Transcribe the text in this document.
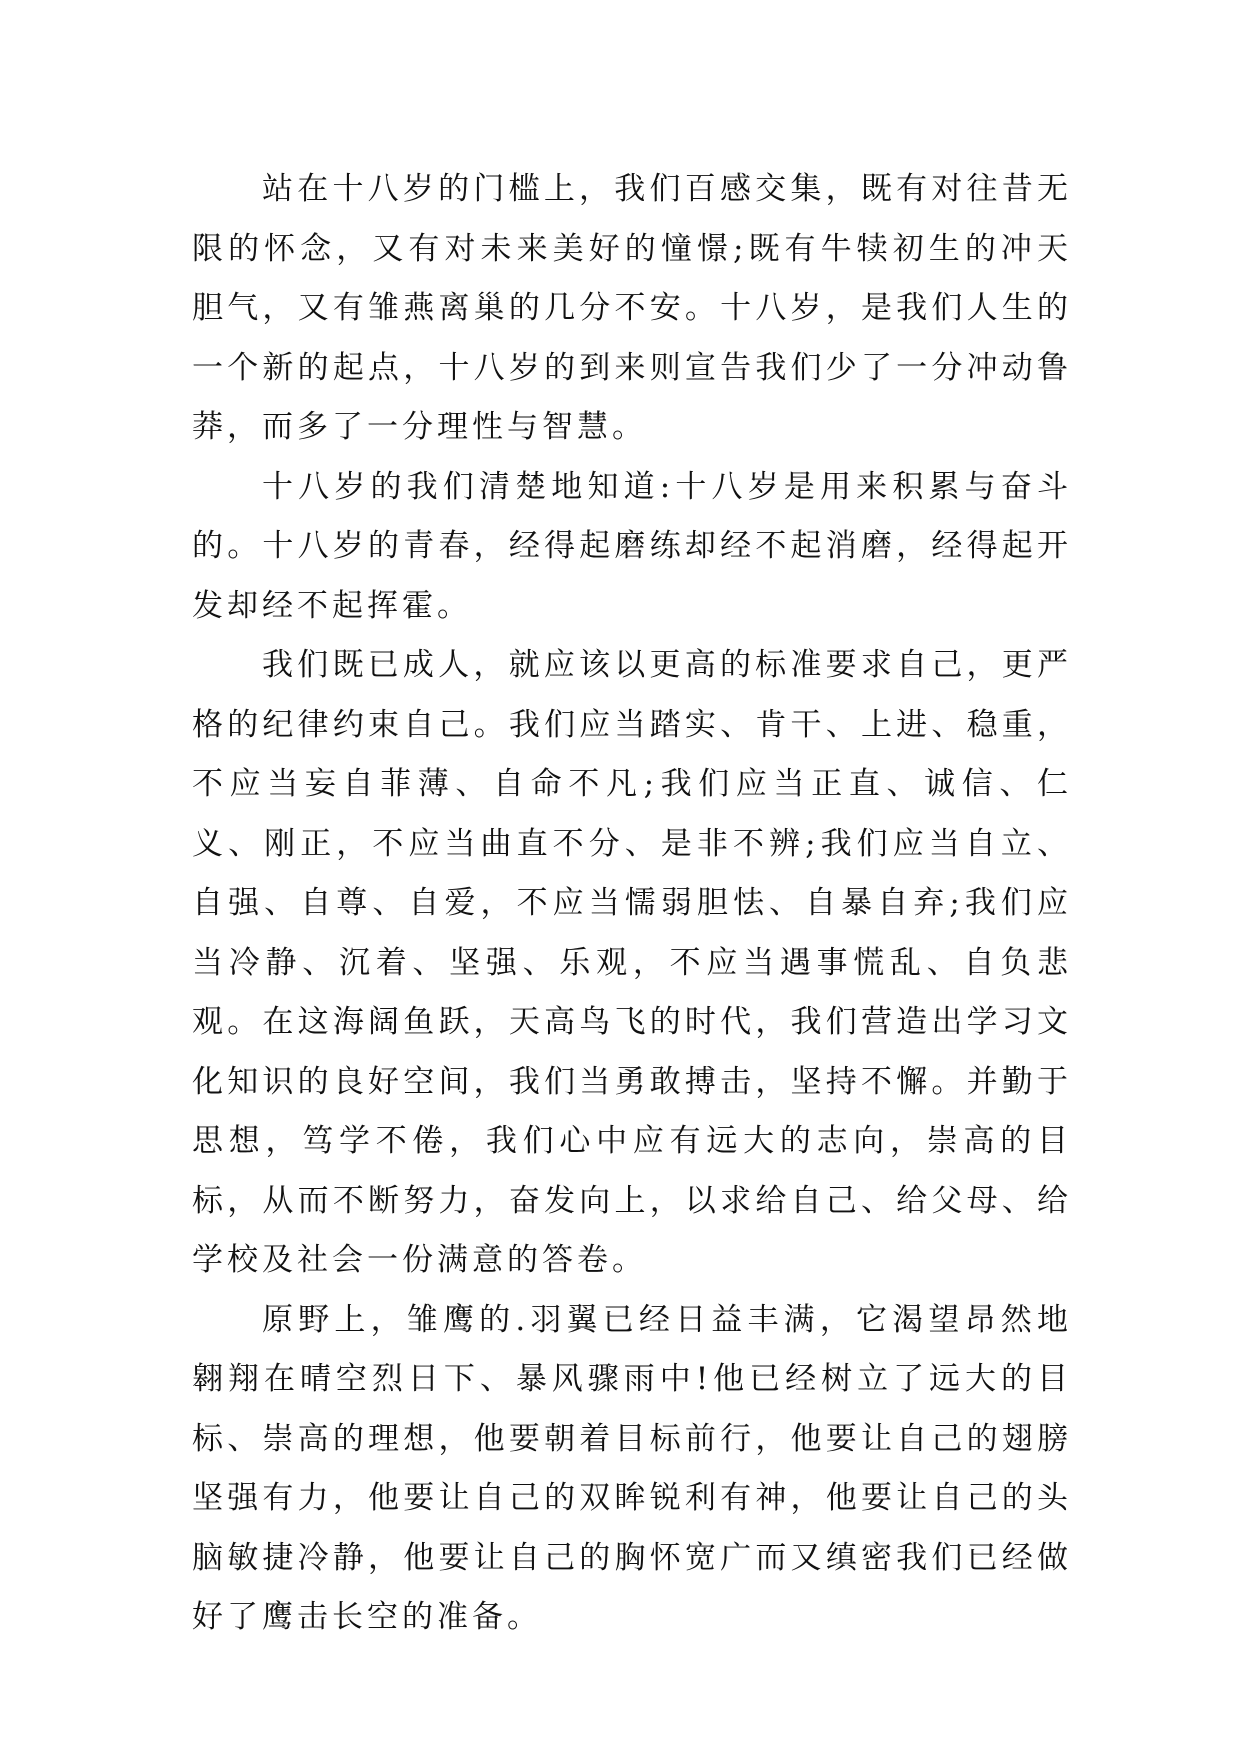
站在十八岁的门槛上，我们百感交集，既有对往昔无限的怀念，又有对未来美好的憧憬;既有牛犊初生的冲天胆气，又有雏燕离巢的几分不安。十八岁，是我们人生的一个新的起点，十八岁的到来则宣告我们少了一分冲动鲁莽，而多了一分理性与智慧。

十八岁的我们清楚地知道:十八岁是用来积累与奋斗的。十八岁的青春，经得起磨练却经不起消磨，经得起开发却经不起挥霍。

我们既已成人，就应该以更高的标准要求自己，更严格的纪律约束自己。我们应当踏实、肯干、上进、稳重，不应当妄自菲薄、自命不凡;我们应当正直、诚信、仁义、刚正，不应当曲直不分、是非不辨;我们应当自立、自强、自尊、自爱，不应当懦弱胆怯、自暴自弃;我们应当冷静、沉着、坚强、乐观，不应当遇事慌乱、自负悲观。在这海阔鱼跃，天高鸟飞的时代，我们营造出学习文化知识的良好空间，我们当勇敢搏击，坚持不懈。并勤于思想，笃学不倦，我们心中应有远大的志向，崇高的目标，从而不断努力，奋发向上，以求给自己、给父母、给学校及社会一份满意的答卷。

原野上，雏鹰的.羽翼已经日益丰满，它渴望昂然地翱翔在晴空烈日下、暴风骤雨中!他已经树立了远大的目标、崇高的理想，他要朝着目标前行，他要让自己的翅膀坚强有力，他要让自己的双眸锐利有神，他要让自己的头脑敏捷冷静，他要让自己的胸怀宽广而又缜密我们已经做好了鹰击长空的准备。
